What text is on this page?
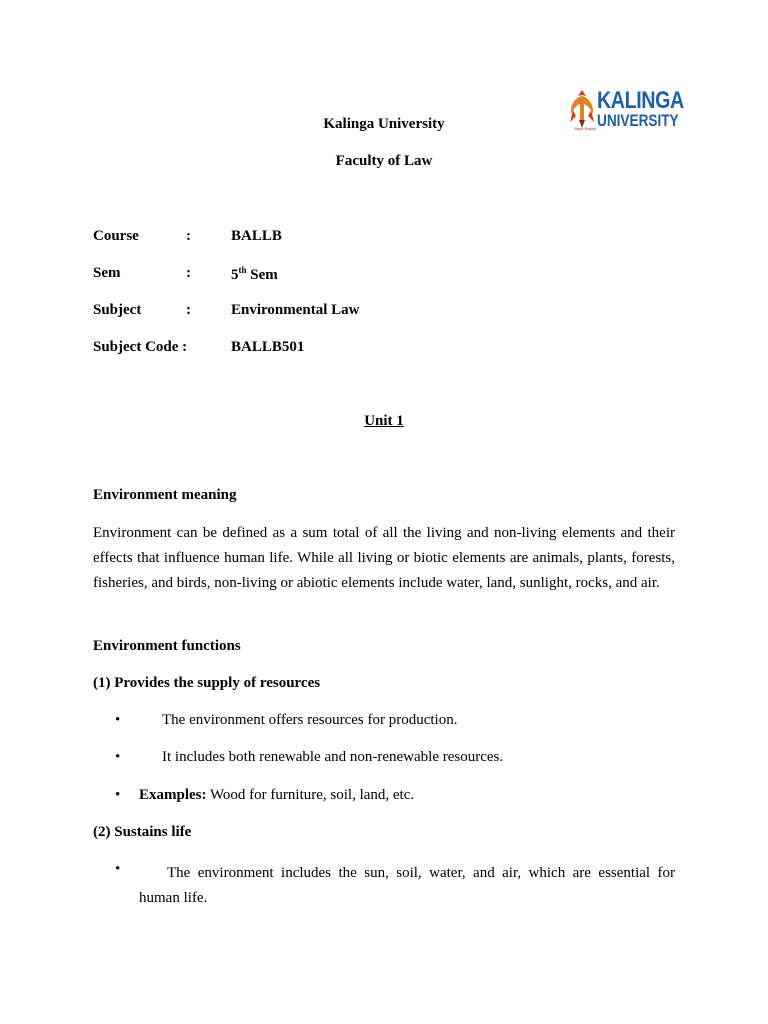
KALINGA
UNIVERSITY
Naya Raipur
Kalinga University
Faculty of Law
Course	:	BALLB
Sem	:	5th Sem
Subject	:	Environmental Law
Subject Code :	BALLB501
Unit 1
Environment meaning
Environment can be defined as a sum total of all the living and non-living elements and their effects that influence human life. While all living or biotic elements are animals, plants, forests, fisheries, and birds, non-living or abiotic elements include water, land, sunlight, rocks, and air.
Environment functions
(1) Provides the supply of resources
•	The environment offers resources for production.
•	It includes both renewable and non-renewable resources.
• Examples: Wood for furniture, soil, land, etc.
(2) Sustains life
•	The environment includes the sun, soil, water, and air, which are essential for human life.
